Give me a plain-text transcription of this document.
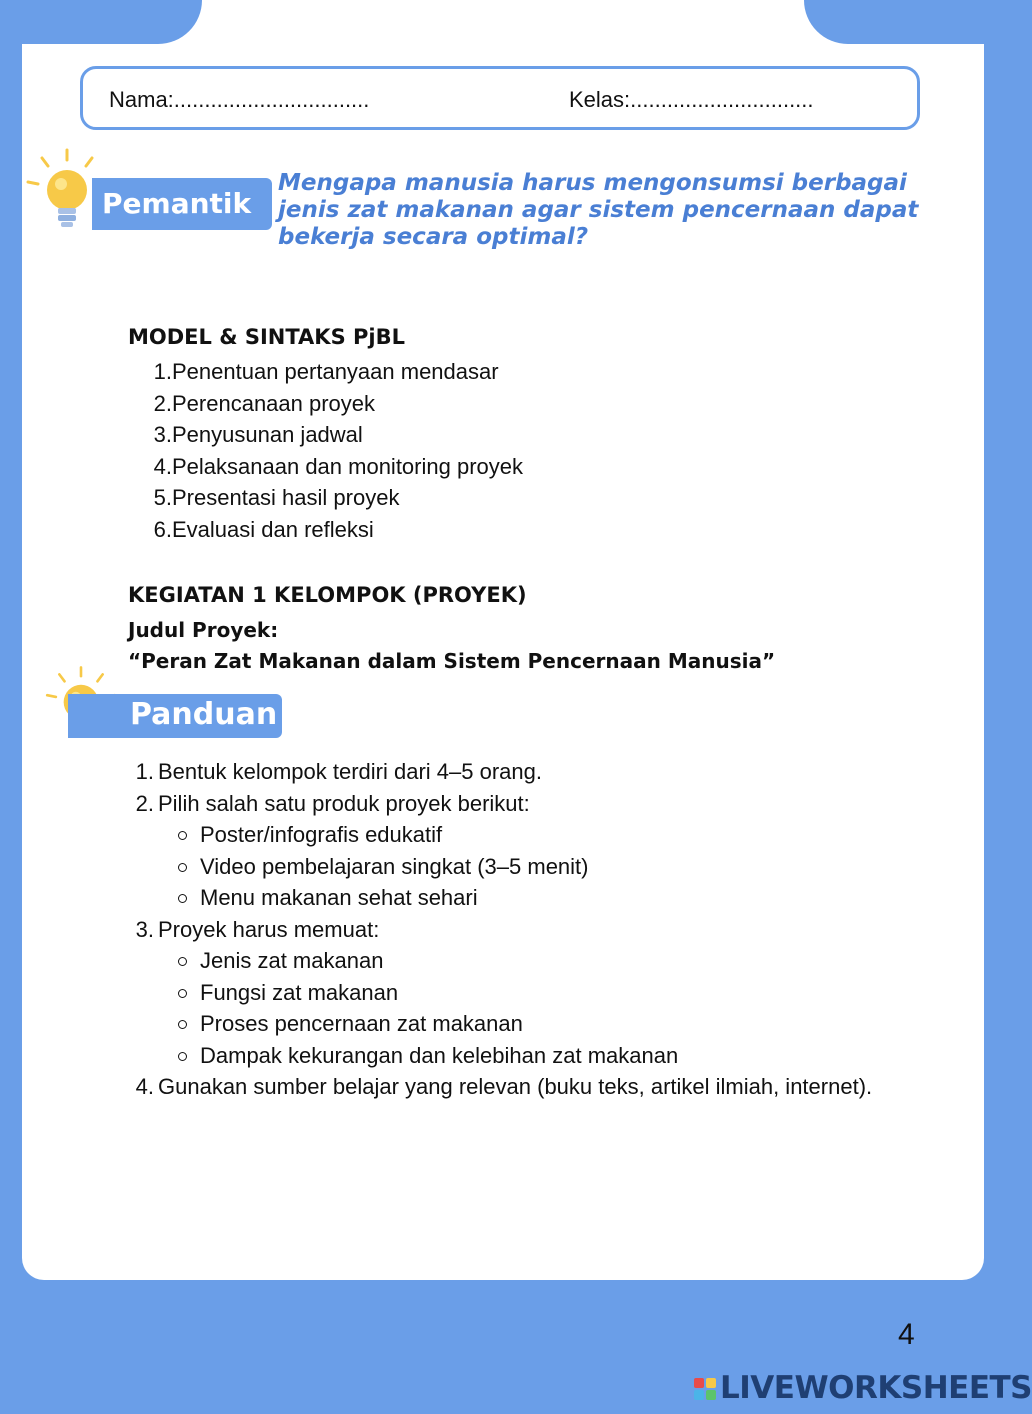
Nama:................................	Kelas:..............................
Pemantik
Mengapa manusia harus mengonsumsi berbagai jenis zat makanan agar sistem pencernaan dapat bekerja secara optimal?
MODEL & SINTAKS PjBL
1.Penentuan pertanyaan mendasar
2.Perencanaan proyek
3.Penyusunan jadwal
4.Pelaksanaan dan monitoring proyek
5.Presentasi hasil proyek
6.Evaluasi dan refleksi
KEGIATAN 1 KELOMPOK (PROYEK)
Judul Proyek:
“Peran Zat Makanan dalam Sistem Pencernaan Manusia”
Panduan
1. Bentuk kelompok terdiri dari 4–5 orang.
2. Pilih salah satu produk proyek berikut:
Poster/infografis edukatif
Video pembelajaran singkat (3–5 menit)
Menu makanan sehat sehari
3. Proyek harus memuat:
Jenis zat makanan
Fungsi zat makanan
Proses pencernaan zat makanan
Dampak kekurangan dan kelebihan zat makanan
4. Gunakan sumber belajar yang relevan (buku teks, artikel ilmiah, internet).
4
LIVEWORKSHEETS
